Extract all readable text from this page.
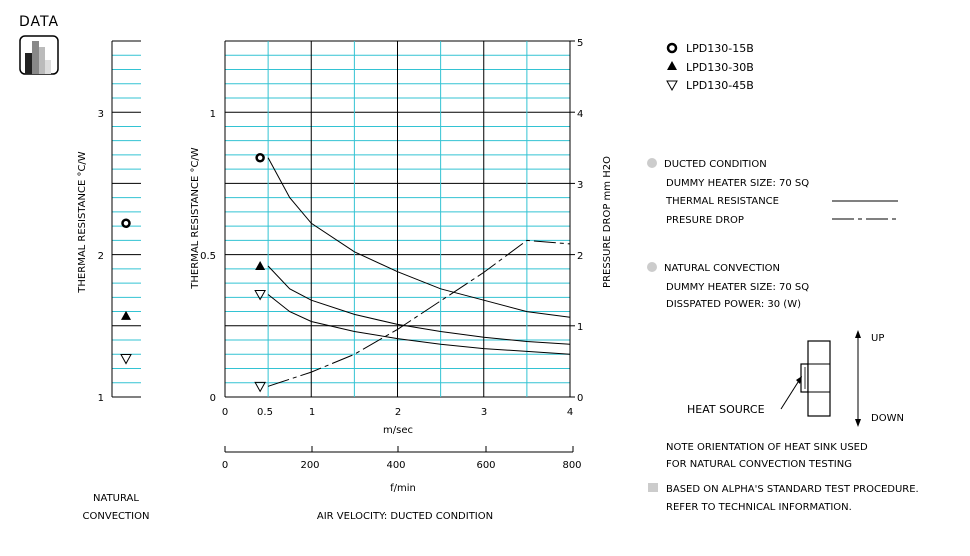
DATA
3
2
1
THERMAL RESISTANCE °C/W
NATURAL
CONVECTION
1
0.5
0
THERMAL RESISTANCE °C/W
0
1
2
3
4
5
PRESSURE DROP mm H2O
0	0.5	1	2	3	4
m/sec
0	200	400	600	800
f/min
AIR VELOCITY: DUCTED CONDITION
LPD130-15B
LPD130-30B
LPD130-45B
DUCTED CONDITION
DUMMY HEATER SIZE: 70 SQ
THERMAL RESISTANCE
PRESURE DROP
NATURAL CONVECTION
DUMMY HEATER SIZE: 70 SQ
DISSPATED POWER: 30 (W)
UP
DOWN
HEAT SOURCE
NOTE ORIENTATION OF HEAT SINK USED
FOR NATURAL CONVECTION TESTING
BASED ON ALPHA'S STANDARD TEST PROCEDURE.
REFER TO TECHNICAL INFORMATION.
